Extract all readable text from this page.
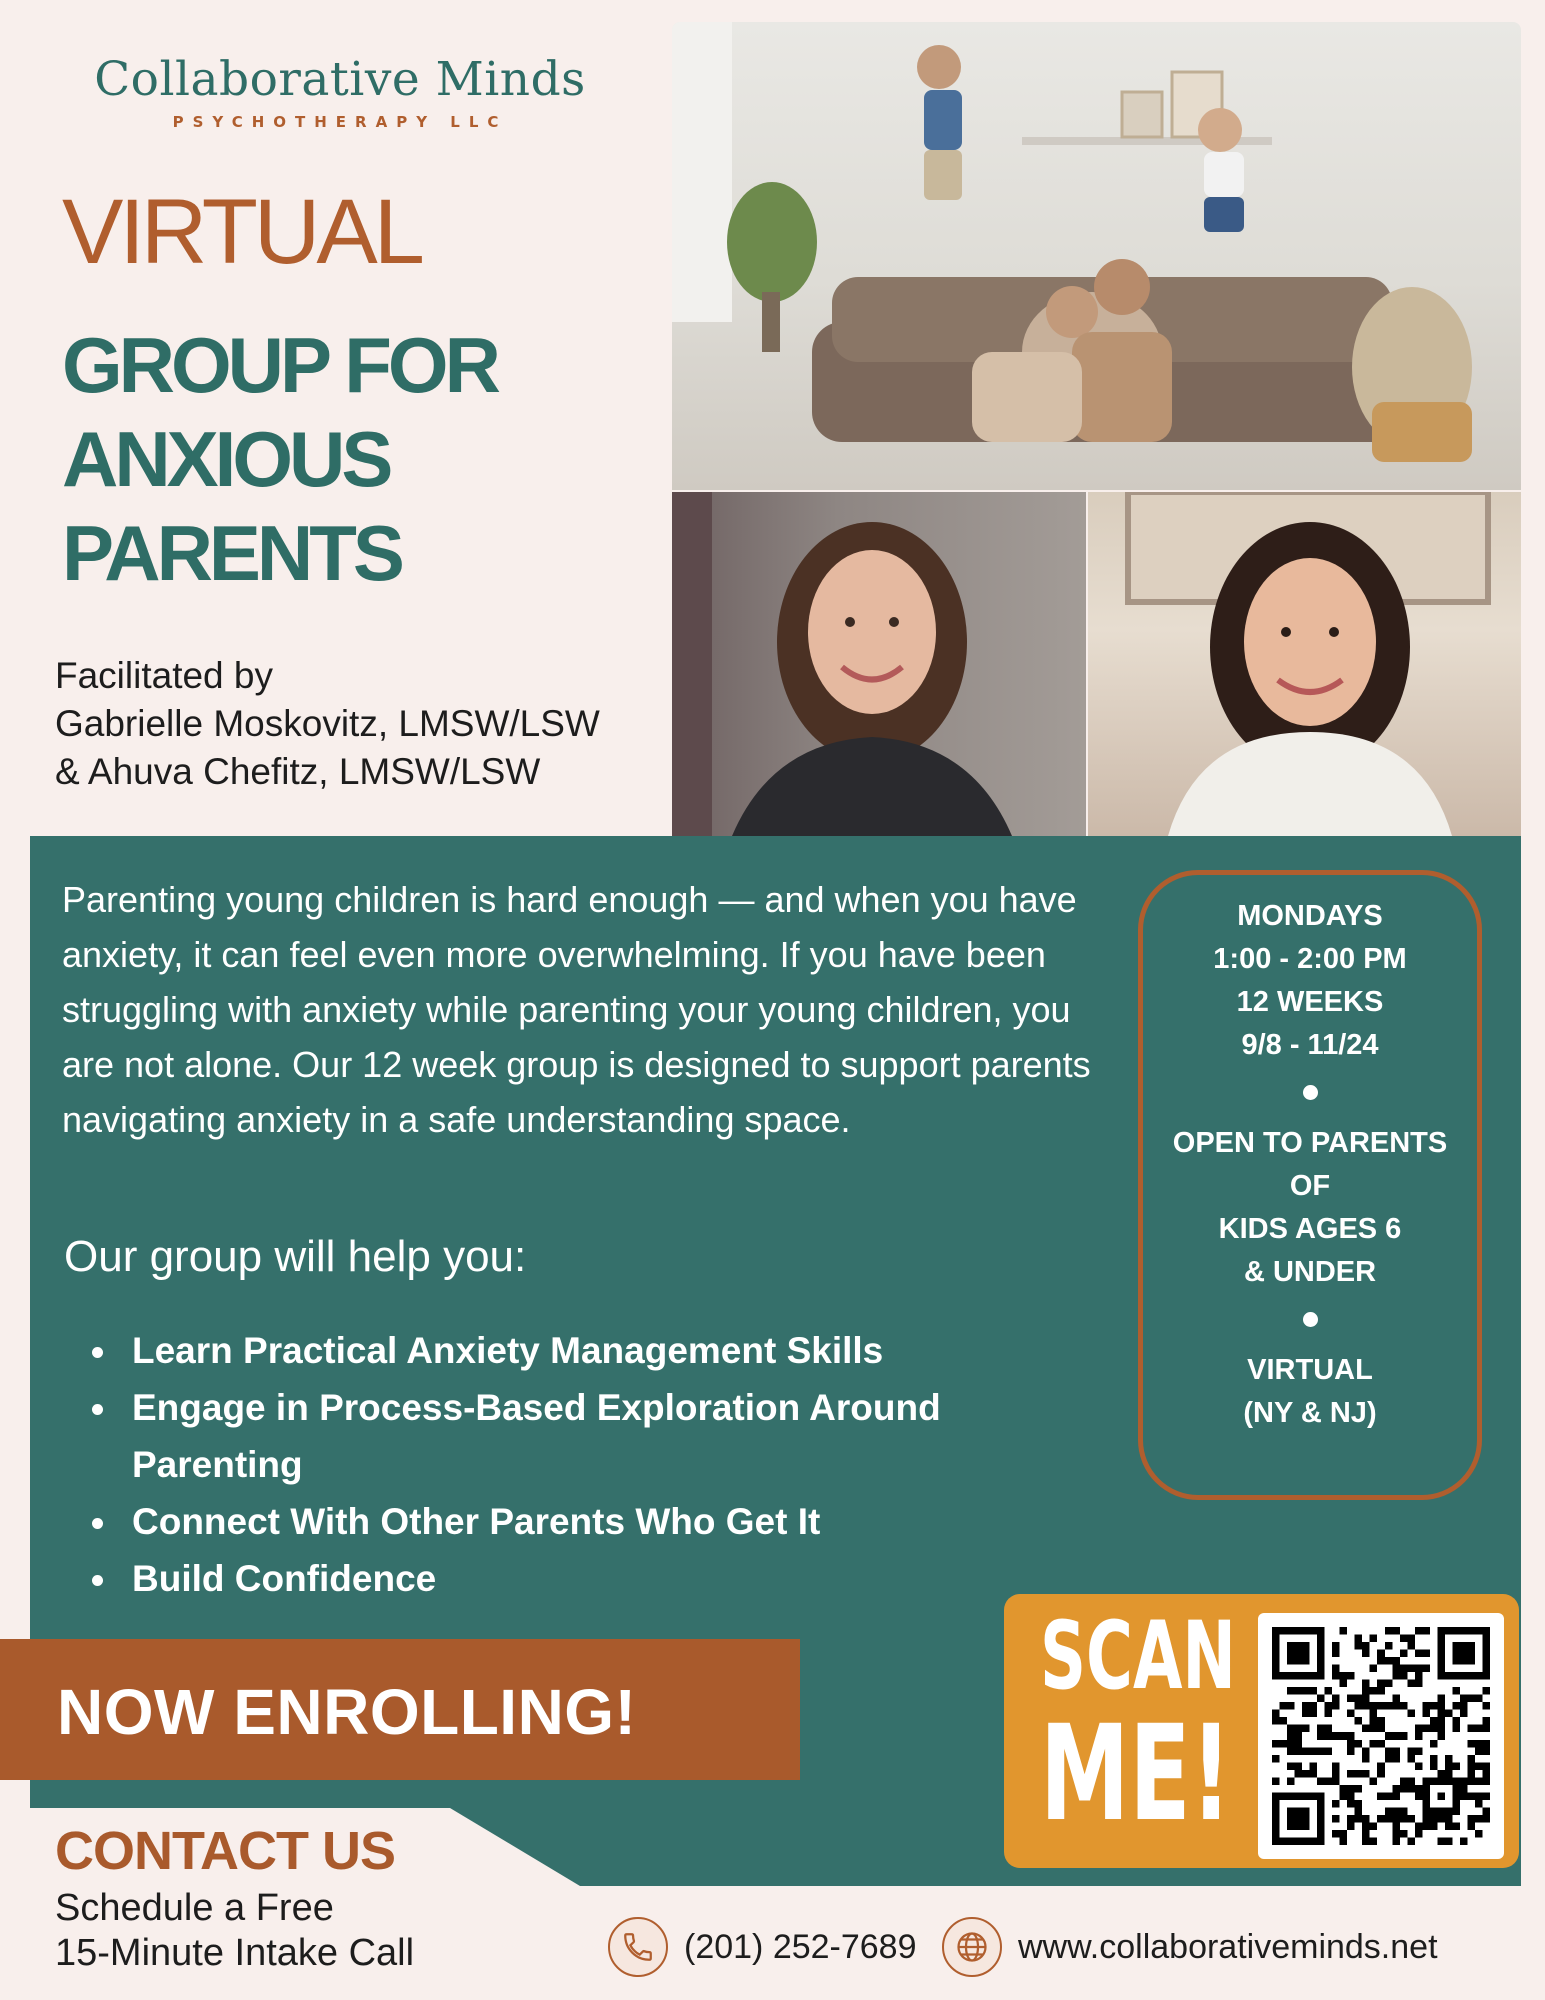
Collaborative Minds
PSYCHOTHERAPY LLC
VIRTUAL
GROUP FOR ANXIOUS PARENTS
Facilitated by
Gabrielle Moskovitz, LMSW/LSW
& Ahuva Chefitz, LMSW/LSW
Parenting young children is hard enough — and when you have anxiety, it can feel even more overwhelming. If you have been struggling with anxiety while parenting your young children, you are not alone. Our 12 week group is designed to support parents navigating anxiety in a safe understanding space.
Our group will help you:
Learn Practical Anxiety Management Skills
Engage in Process-Based Exploration Around Parenting
Connect With Other Parents Who Get It
Build Confidence
MONDAYS
1:00 - 2:00 PM
12 WEEKS
9/8 - 11/24
OPEN TO PARENTS
OF
KIDS AGES 6
& UNDER
VIRTUAL
(NY & NJ)
NOW ENROLLING!
SCAN
ME!
CONTACT US
Schedule a Free
15-Minute Intake Call	(201) 252-7689	www.collaborativeminds.net
